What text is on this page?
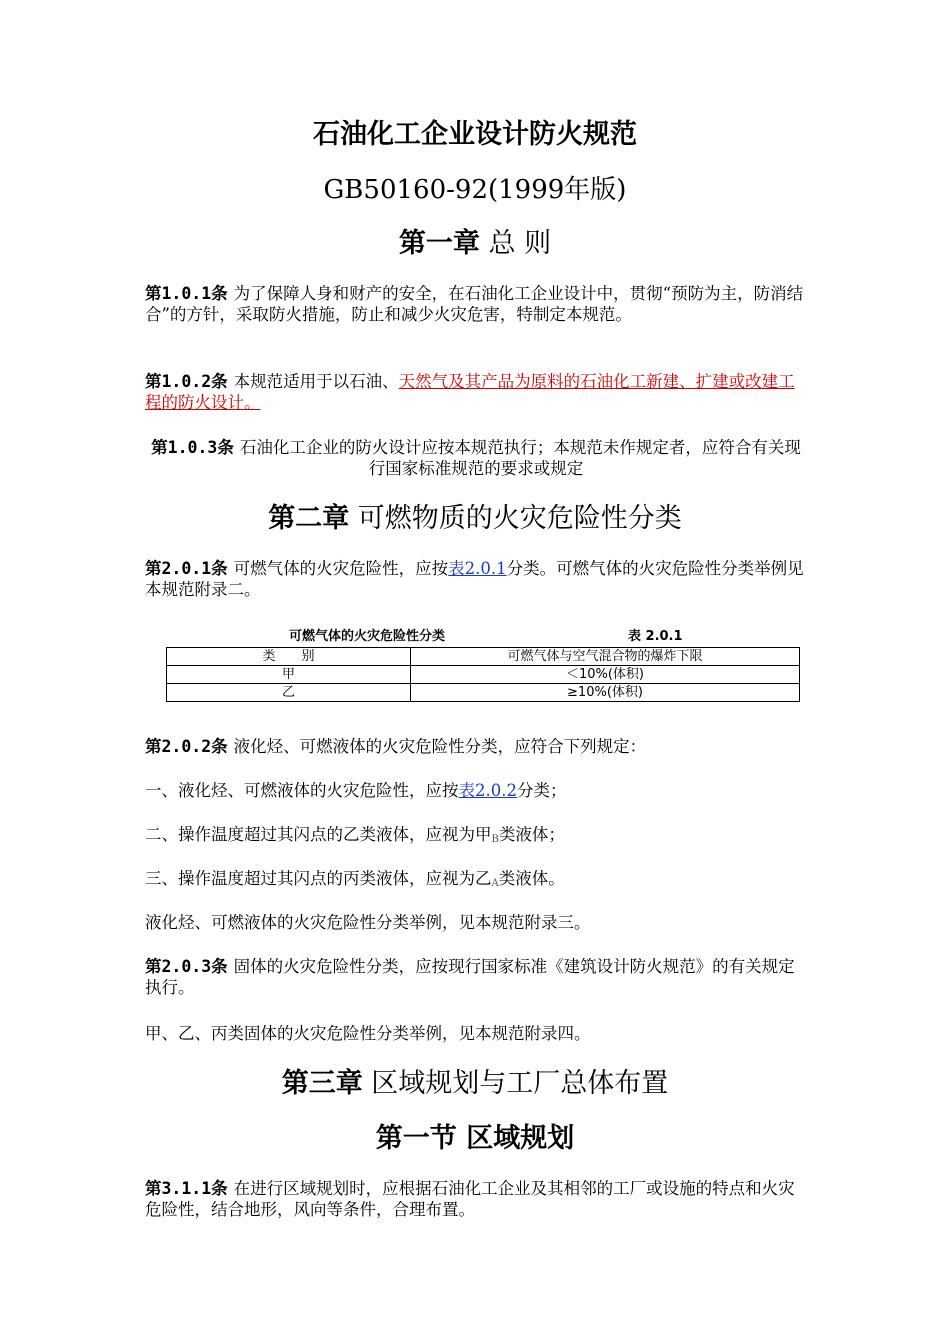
石油化工企业设计防火规范
GB50160-92(1999年版)
第一章 总 则
第1.0.1条 为了保障人身和财产的安全，在石油化工企业设计中，贯彻“预防为主，防消结合”的方针，采取防火措施，防止和减少火灾危害，特制定本规范。
第1.0.2条 本规范适用于以石油、天然气及其产品为原料的石油化工新建、扩建或改建工程的防火设计。
第1.0.3条 石油化工企业的防火设计应按本规范执行；本规范未作规定者，应符合有关现行国家标准规范的要求或规定
第二章 可燃物质的火灾危险性分类
第2.0.1条 可燃气体的火灾危险性，应按表2.0.1分类。可燃气体的火灾危险性分类举例见本规范附录二。
可燃气体的火灾危险性分类	表 2.0.1
类　　别	可燃气体与空气混合物的爆炸下限
甲	＜10%(体积)
乙	≥10%(体积)
第2.0.2条 液化烃、可燃液体的火灾危险性分类，应符合下列规定：
一、液化烃、可燃液体的火灾危险性，应按表2.0.2分类；
二、操作温度超过其闪点的乙类液体，应视为甲$_B$类液体；
三、操作温度超过其闪点的丙类液体，应视为乙$_A$类液体。
液化烃、可燃液体的火灾危险性分类举例，见本规范附录三。
第2.0.3条 固体的火灾危险性分类，应按现行国家标准《建筑设计防火规范》的有关规定执行。
甲、乙、丙类固体的火灾危险性分类举例，见本规范附录四。
第三章 区域规划与工厂总体布置
第一节 区域规划
第3.1.1条 在进行区域规划时，应根据石油化工企业及其相邻的工厂或设施的特点和火灾危险性，结合地形，风向等条件，合理布置。
